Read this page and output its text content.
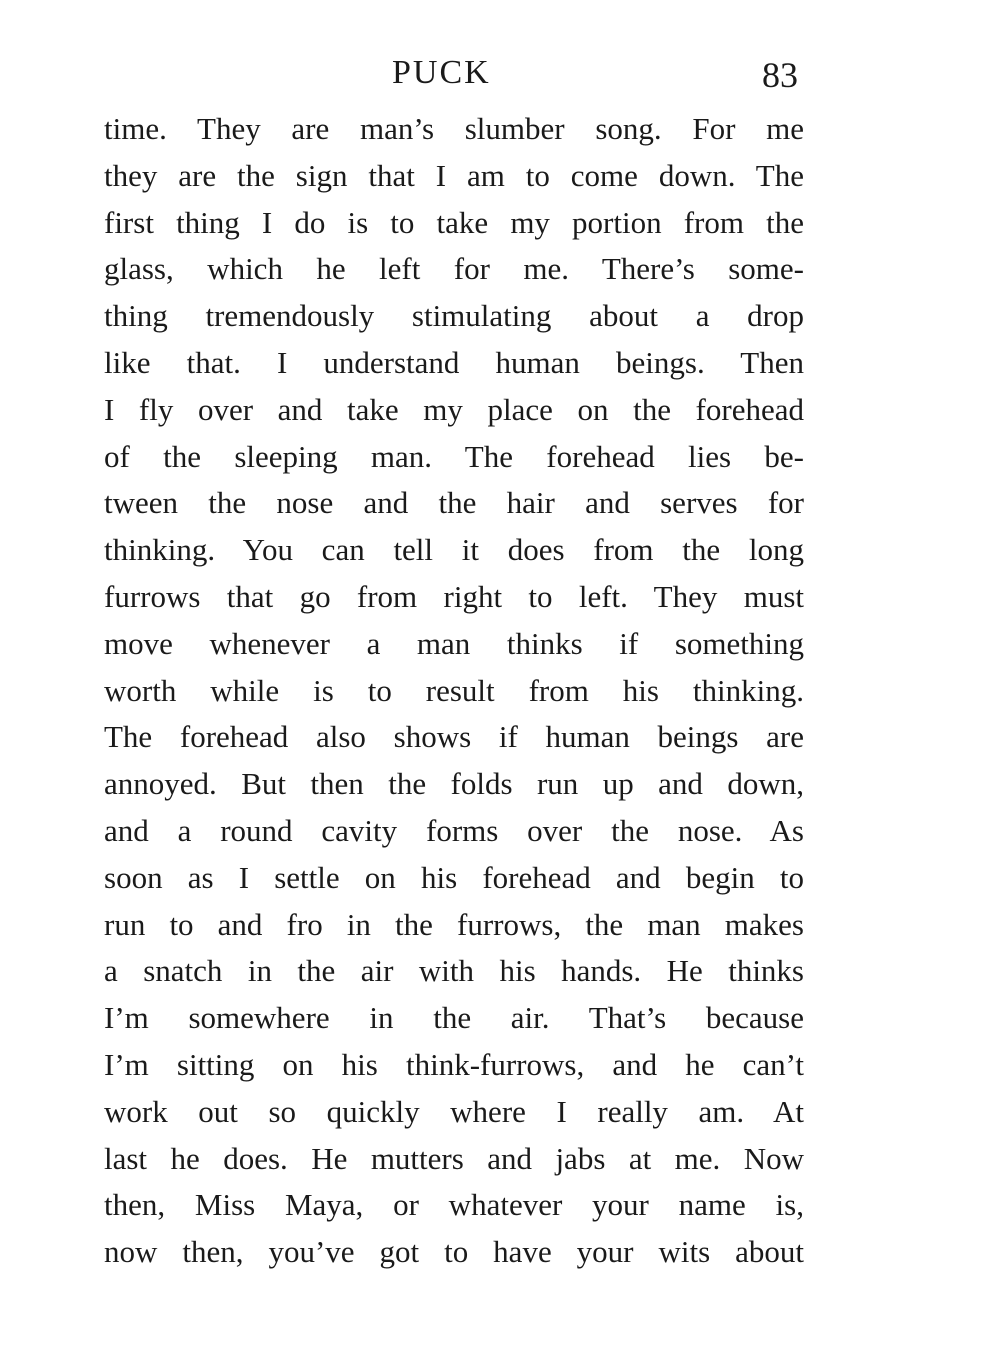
PUCK	83
time. They are man’s slumber song. For me
they are the sign that I am to come down. The
first thing I do is to take my portion from the
glass, which he left for me. There’s some-
thing tremendously stimulating about a drop
like that. I understand human beings. Then
I fly over and take my place on the forehead
of the sleeping man. The forehead lies be-
tween the nose and the hair and serves for
thinking. You can tell it does from the long
furrows that go from right to left. They must
move whenever a man thinks if something
worth while is to result from his thinking.
The forehead also shows if human beings are
annoyed. But then the folds run up and down,
and a round cavity forms over the nose. As
soon as I settle on his forehead and begin to
run to and fro in the furrows, the man makes
a snatch in the air with his hands. He thinks
I’m somewhere in the air. That’s because
I’m sitting on his think-furrows, and he can’t
work out so quickly where I really am. At
last he does. He mutters and jabs at me. Now
then, Miss Maya, or whatever your name is,
now then, you’ve got to have your wits about
